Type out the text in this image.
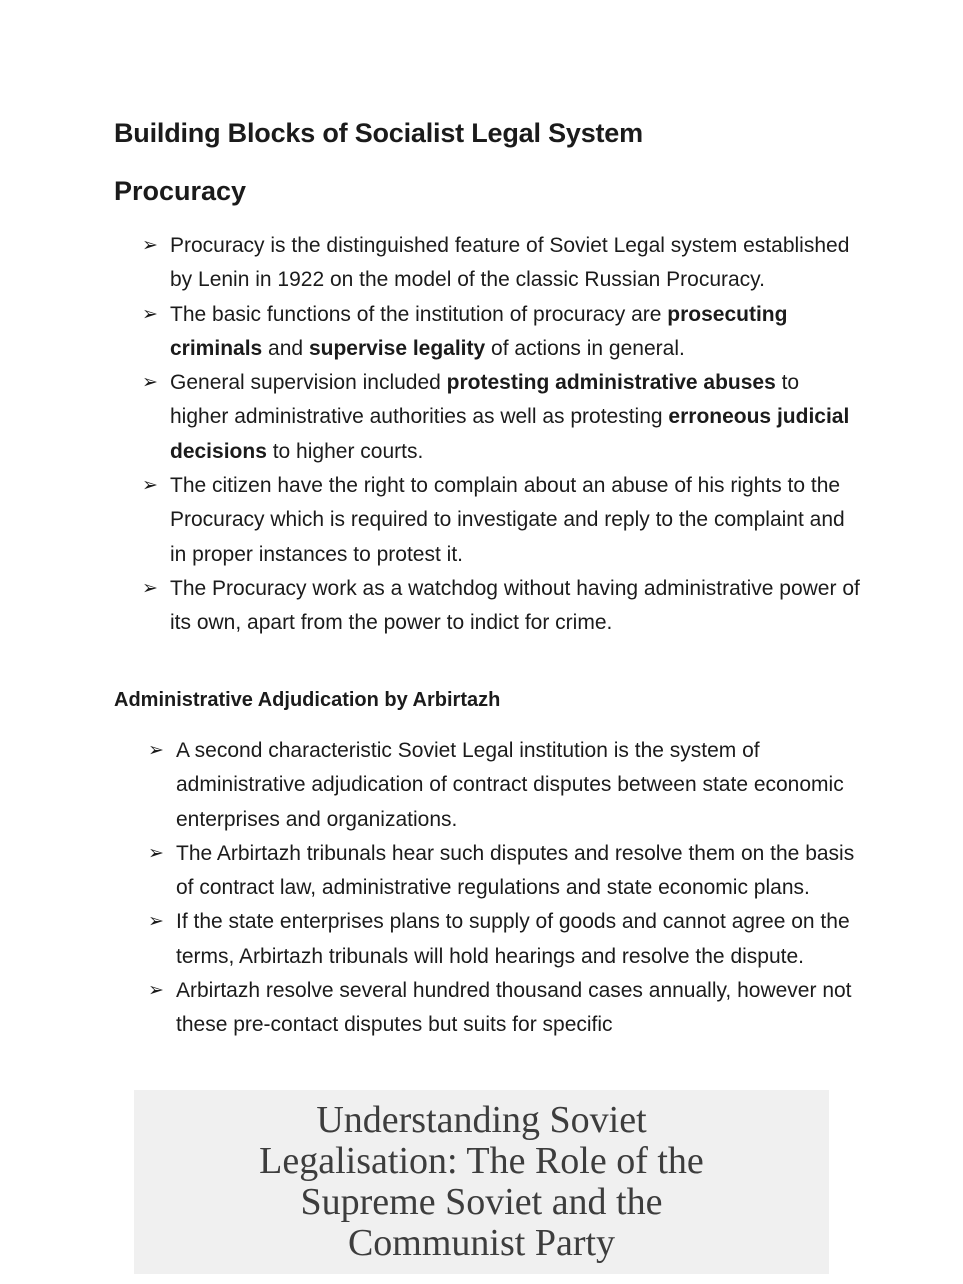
Building Blocks of Socialist Legal System
Procuracy
➢ Procuracy is the distinguished feature of Soviet Legal system established by Lenin in 1922 on the model of the classic Russian Procuracy.
➢ The basic functions of the institution of procuracy are prosecuting criminals and supervise legality of actions in general.
➢ General supervision included protesting administrative abuses to higher administrative authorities as well as protesting erroneous judicial decisions to higher courts.
➢ The citizen have the right to complain about an abuse of his rights to the Procuracy which is required to investigate and reply to the complaint and in proper instances to protest it.
➢ The Procuracy work as a watchdog without having administrative power of its own, apart from the power to indict for crime.
Administrative Adjudication by Arbirtazh
➢ A second characteristic Soviet Legal institution is the system of administrative adjudication of contract disputes between state economic enterprises and organizations.
➢ The Arbirtazh tribunals hear such disputes and resolve them on the basis of contract law, administrative regulations and state economic plans.
➢ If the state enterprises plans to supply of goods and cannot agree on the terms, Arbirtazh tribunals will hold hearings and resolve the dispute.
➢ Arbirtazh resolve several hundred thousand cases annually, however not these pre-contact disputes but suits for specific
Understanding Soviet Legalisation: The Role of the Supreme Soviet and the Communist Party
